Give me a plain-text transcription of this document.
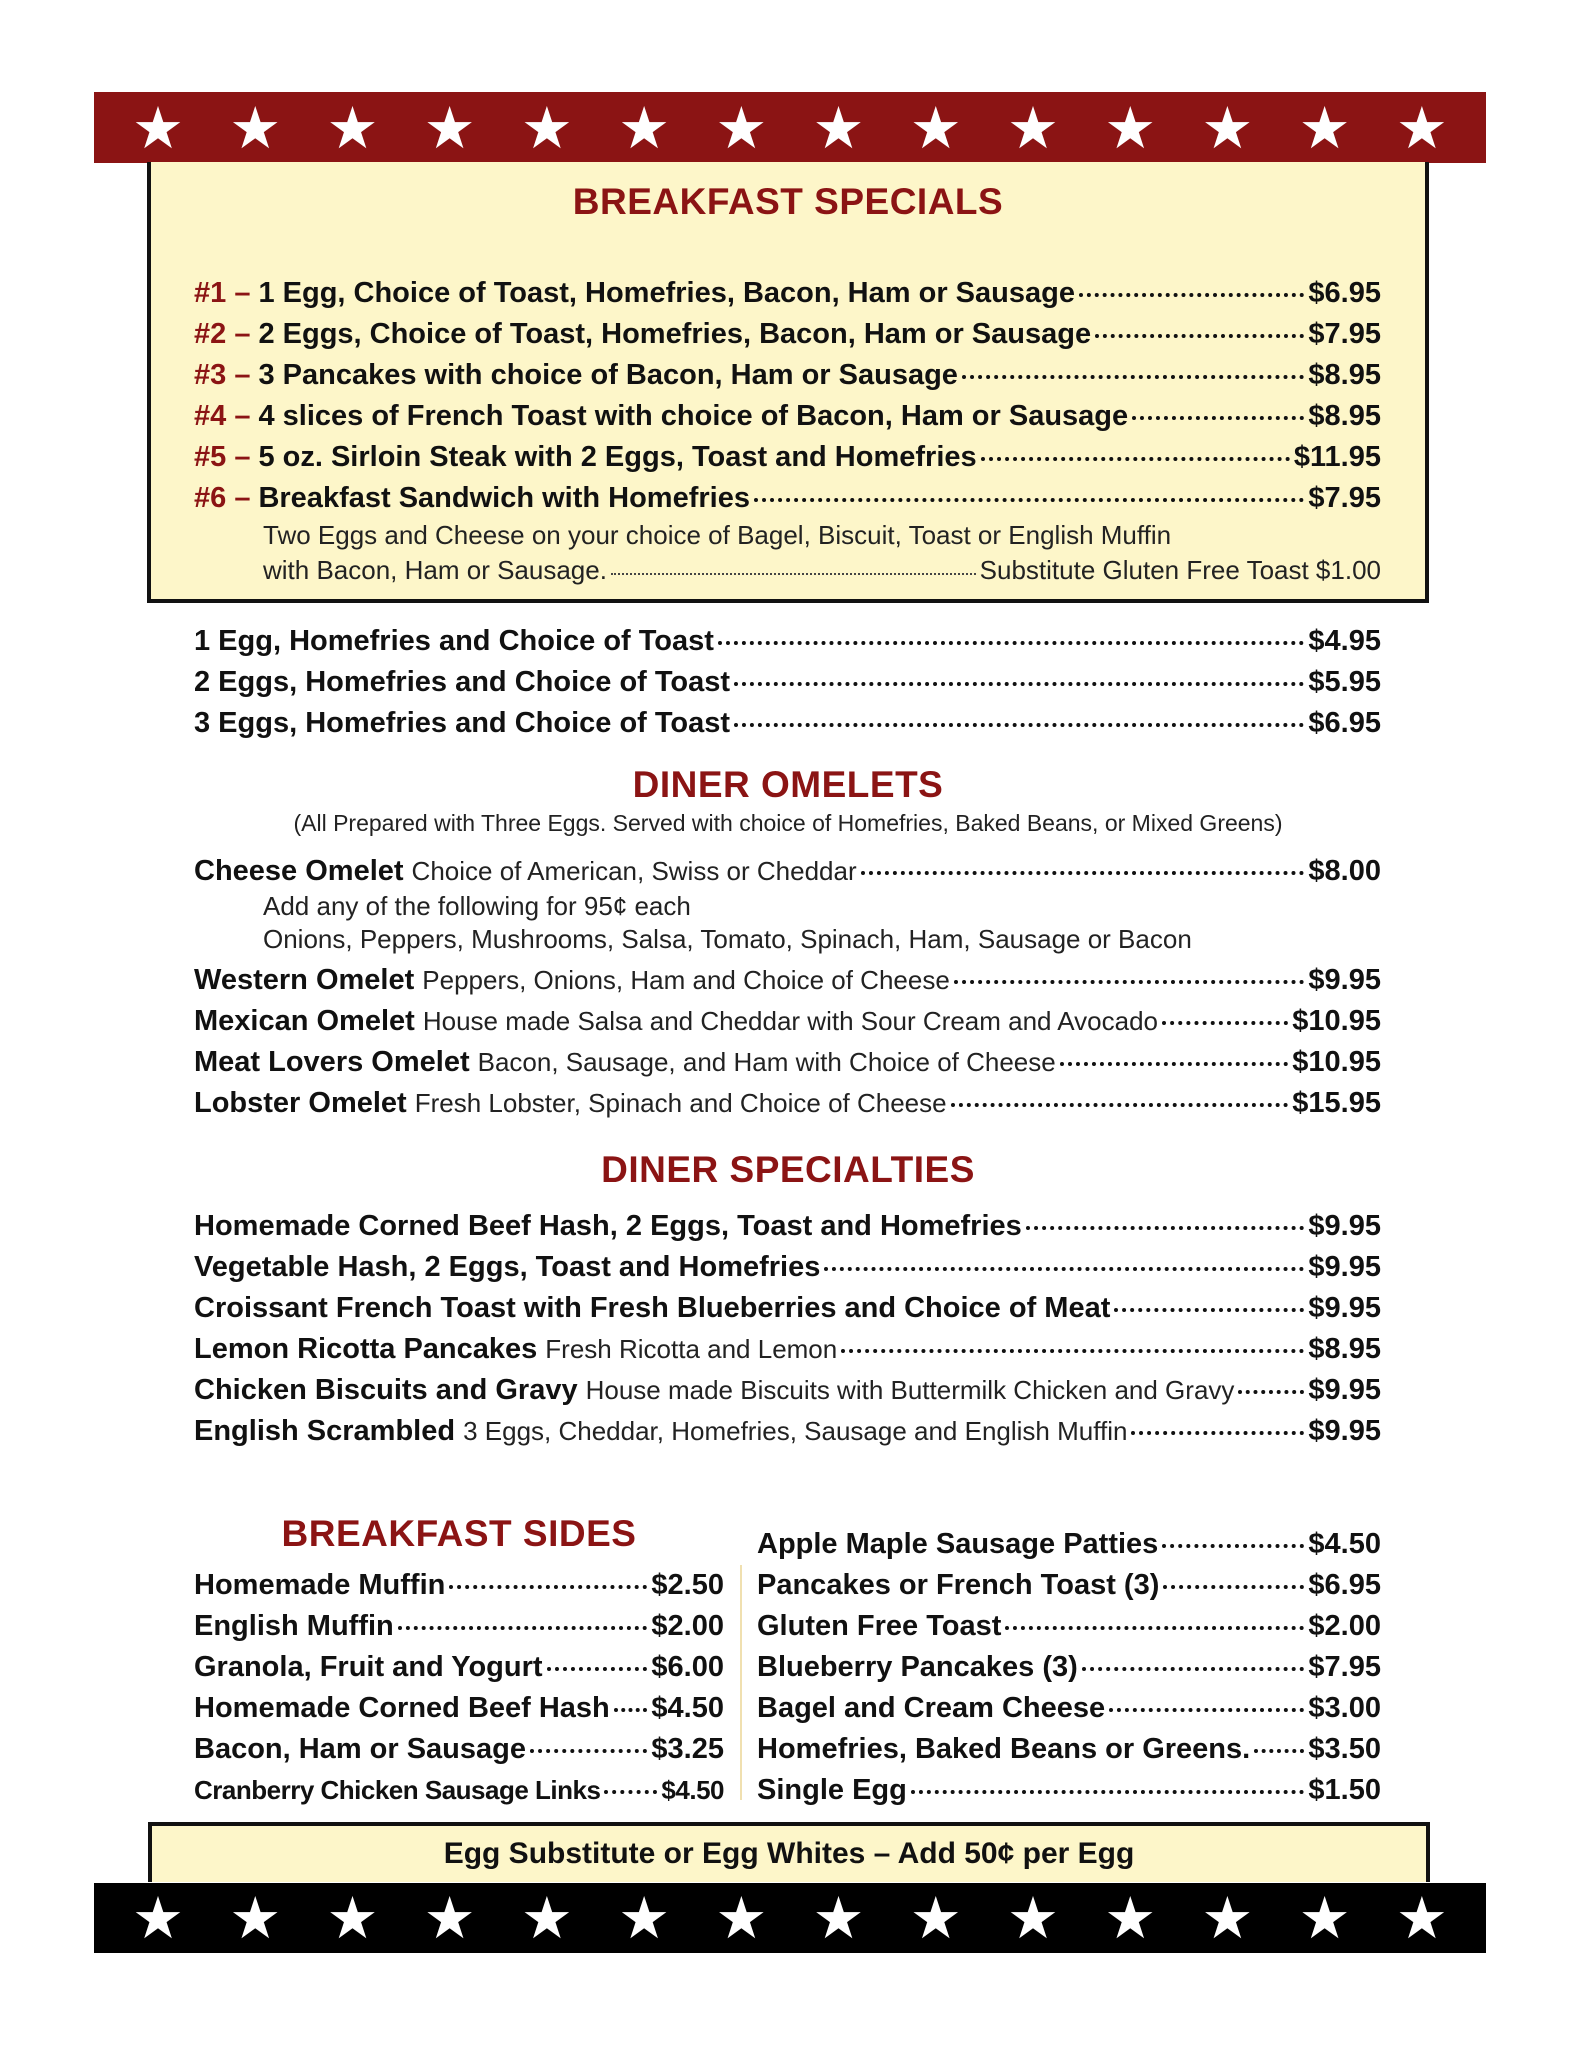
★ ★ ★ ★ ★ ★ ★ ★ ★ ★ ★ ★ ★ ★
BREAKFAST SPECIALS
#1 – 1 Egg, Choice of Toast, Homefries, Bacon, Ham or Sausage	$6.95
#2 – 2 Eggs, Choice of Toast, Homefries, Bacon, Ham or Sausage	$7.95
#3 – 3 Pancakes with choice of Bacon, Ham or Sausage	$8.95
#4 – 4 slices of French Toast with choice of Bacon, Ham or Sausage	$8.95
#5 – 5 oz. Sirloin Steak with 2 Eggs, Toast and Homefries	$11.95
#6 – Breakfast Sandwich with Homefries	$7.95
Two Eggs and Cheese on your choice of Bagel, Biscuit, Toast or English Muffin
with Bacon, Ham or Sausage.	Substitute Gluten Free Toast $1.00
1 Egg, Homefries and Choice of Toast	$4.95
2 Eggs, Homefries and Choice of Toast	$5.95
3 Eggs, Homefries and Choice of Toast	$6.95
DINER OMELETS
(All Prepared with Three Eggs. Served with choice of Homefries, Baked Beans, or Mixed Greens)
Cheese Omelet Choice of American, Swiss or Cheddar	$8.00
Add any of the following for 95¢ each
Onions, Peppers, Mushrooms, Salsa, Tomato, Spinach, Ham, Sausage or Bacon
Western Omelet Peppers, Onions, Ham and Choice of Cheese	$9.95
Mexican Omelet House made Salsa and Cheddar with Sour Cream and Avocado	$10.95
Meat Lovers Omelet Bacon, Sausage, and Ham with Choice of Cheese	$10.95
Lobster Omelet Fresh Lobster, Spinach and Choice of Cheese	$15.95
DINER SPECIALTIES
Homemade Corned Beef Hash, 2 Eggs, Toast and Homefries	$9.95
Vegetable Hash, 2 Eggs, Toast and Homefries	$9.95
Croissant French Toast with Fresh Blueberries and Choice of Meat	$9.95
Lemon Ricotta Pancakes Fresh Ricotta and Lemon	$8.95
Chicken Biscuits and Gravy House made Biscuits with Buttermilk Chicken and Gravy	$9.95
English Scrambled 3 Eggs, Cheddar, Homefries, Sausage and English Muffin	$9.95
BREAKFAST SIDES
Homemade Muffin	$2.50
English Muffin	$2.00
Granola, Fruit and Yogurt	$6.00
Homemade Corned Beef Hash $4.50
Bacon, Ham or Sausage	$3.25
Cranberry Chicken Sausage Links $4.50
Apple Maple Sausage Patties	$4.50
Pancakes or French Toast (3)	$6.95
Gluten Free Toast	$2.00
Blueberry Pancakes (3)	$7.95
Bagel and Cream Cheese	$3.00
Homefries, Baked Beans or Greens. $3.50
Single Egg	$1.50
Egg Substitute or Egg Whites – Add 50¢ per Egg
★ ★ ★ ★ ★ ★ ★ ★ ★ ★ ★ ★ ★ ★
